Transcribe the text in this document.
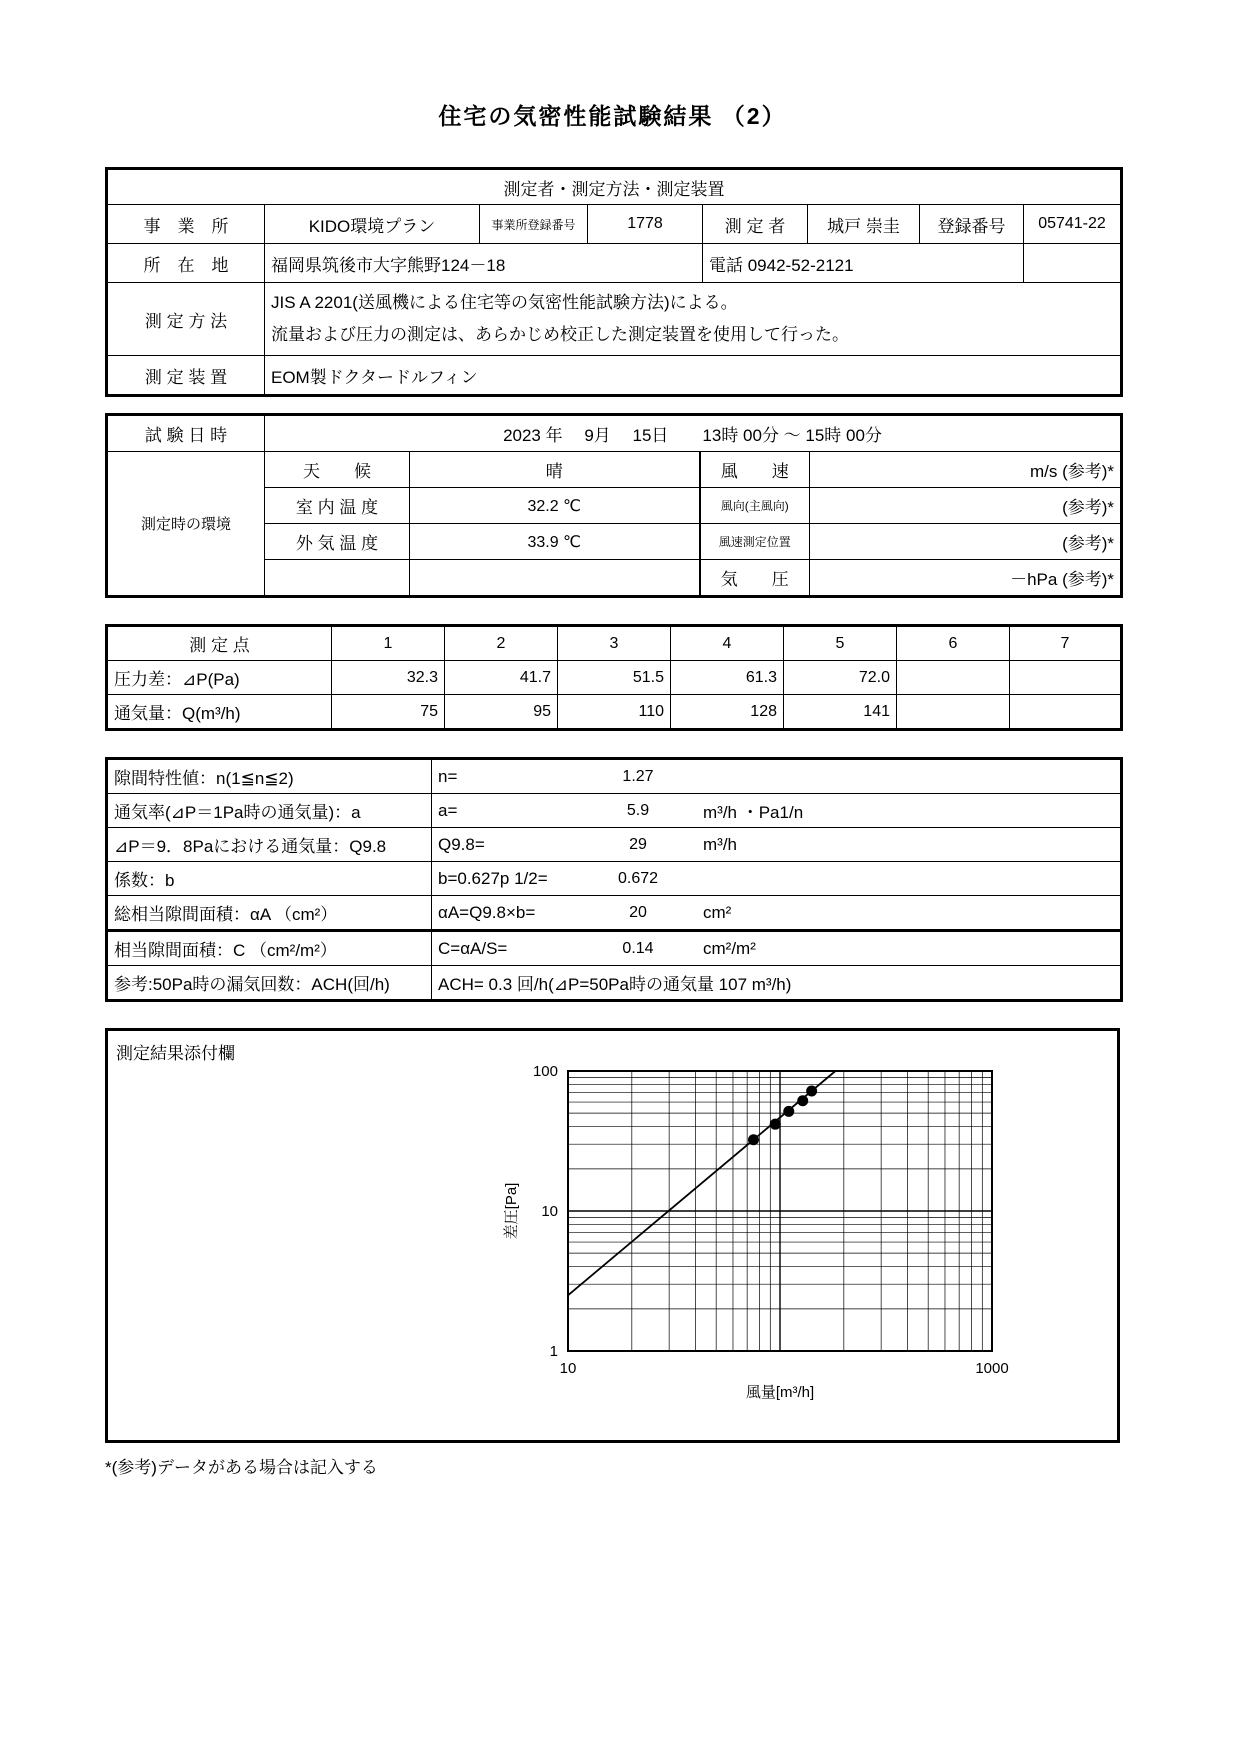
住宅の気密性能試験結果 （2）
測定者・測定方法・測定装置							
事　業　所	KIDO環境プラン	事業所登録番号	1778	測 定 者	城戸 崇圭	登録番号	05741-22
所　在　地	福岡県筑後市大字熊野124－18			電話 0942-52-2121			
測 定 方 法	JIS A 2201(送風機による住宅等の気密性能試験方法)による。
流量および圧力の測定は、あらかじめ校正した測定装置を使用して行った。						

測 定 装 置	EOM製ドクタードルフィン						
試 験 日 時	2023 年　 9月　 15日　　13時 00分 ～ 15時 00分			
測定時の環境	天　　候	晴	風　　速	m/s (参考)*
	室 内 温 度	32.2 ℃	風向(主風向)	(参考)*
	外 気 温 度	33.9 ℃	風速測定位置	(参考)*
			気　　圧	－hPa (参考)*
測 定 点	1	2	3	4	5	6	7
圧力差：⊿P(Pa)	32.3	41.7	51.5	61.3	72.0		
通気量：Q(m³/h)	75	95	110	128	141		
隙間特性値：n(1≦n≦2)	n= 1.27

通気率(⊿P＝1Pa時の通気量)：a	a= 5.9 m³/h ・Pa1/n

⊿P＝9．8Paにおける通気量：Q9.8	Q9.8= 29 m³/h

係数：b	b=0.627p 1/2= 0.672

総相当隙間面積：αA （cm²）	αA=Q9.8×b= 20 cm²

相当隙間面積：C （cm²/m²）	C=αA/S= 0.14 cm²/m²

参考:50Pa時の漏気回数：ACH(回/h)	ACH= 0.3 回/h(⊿P=50Pa時の通気量 107 m³/h)
測定結果添付欄
1
10
100
10	1000
風量[m³/h]
差圧[Pa]
*(参考)データがある場合は記入する
